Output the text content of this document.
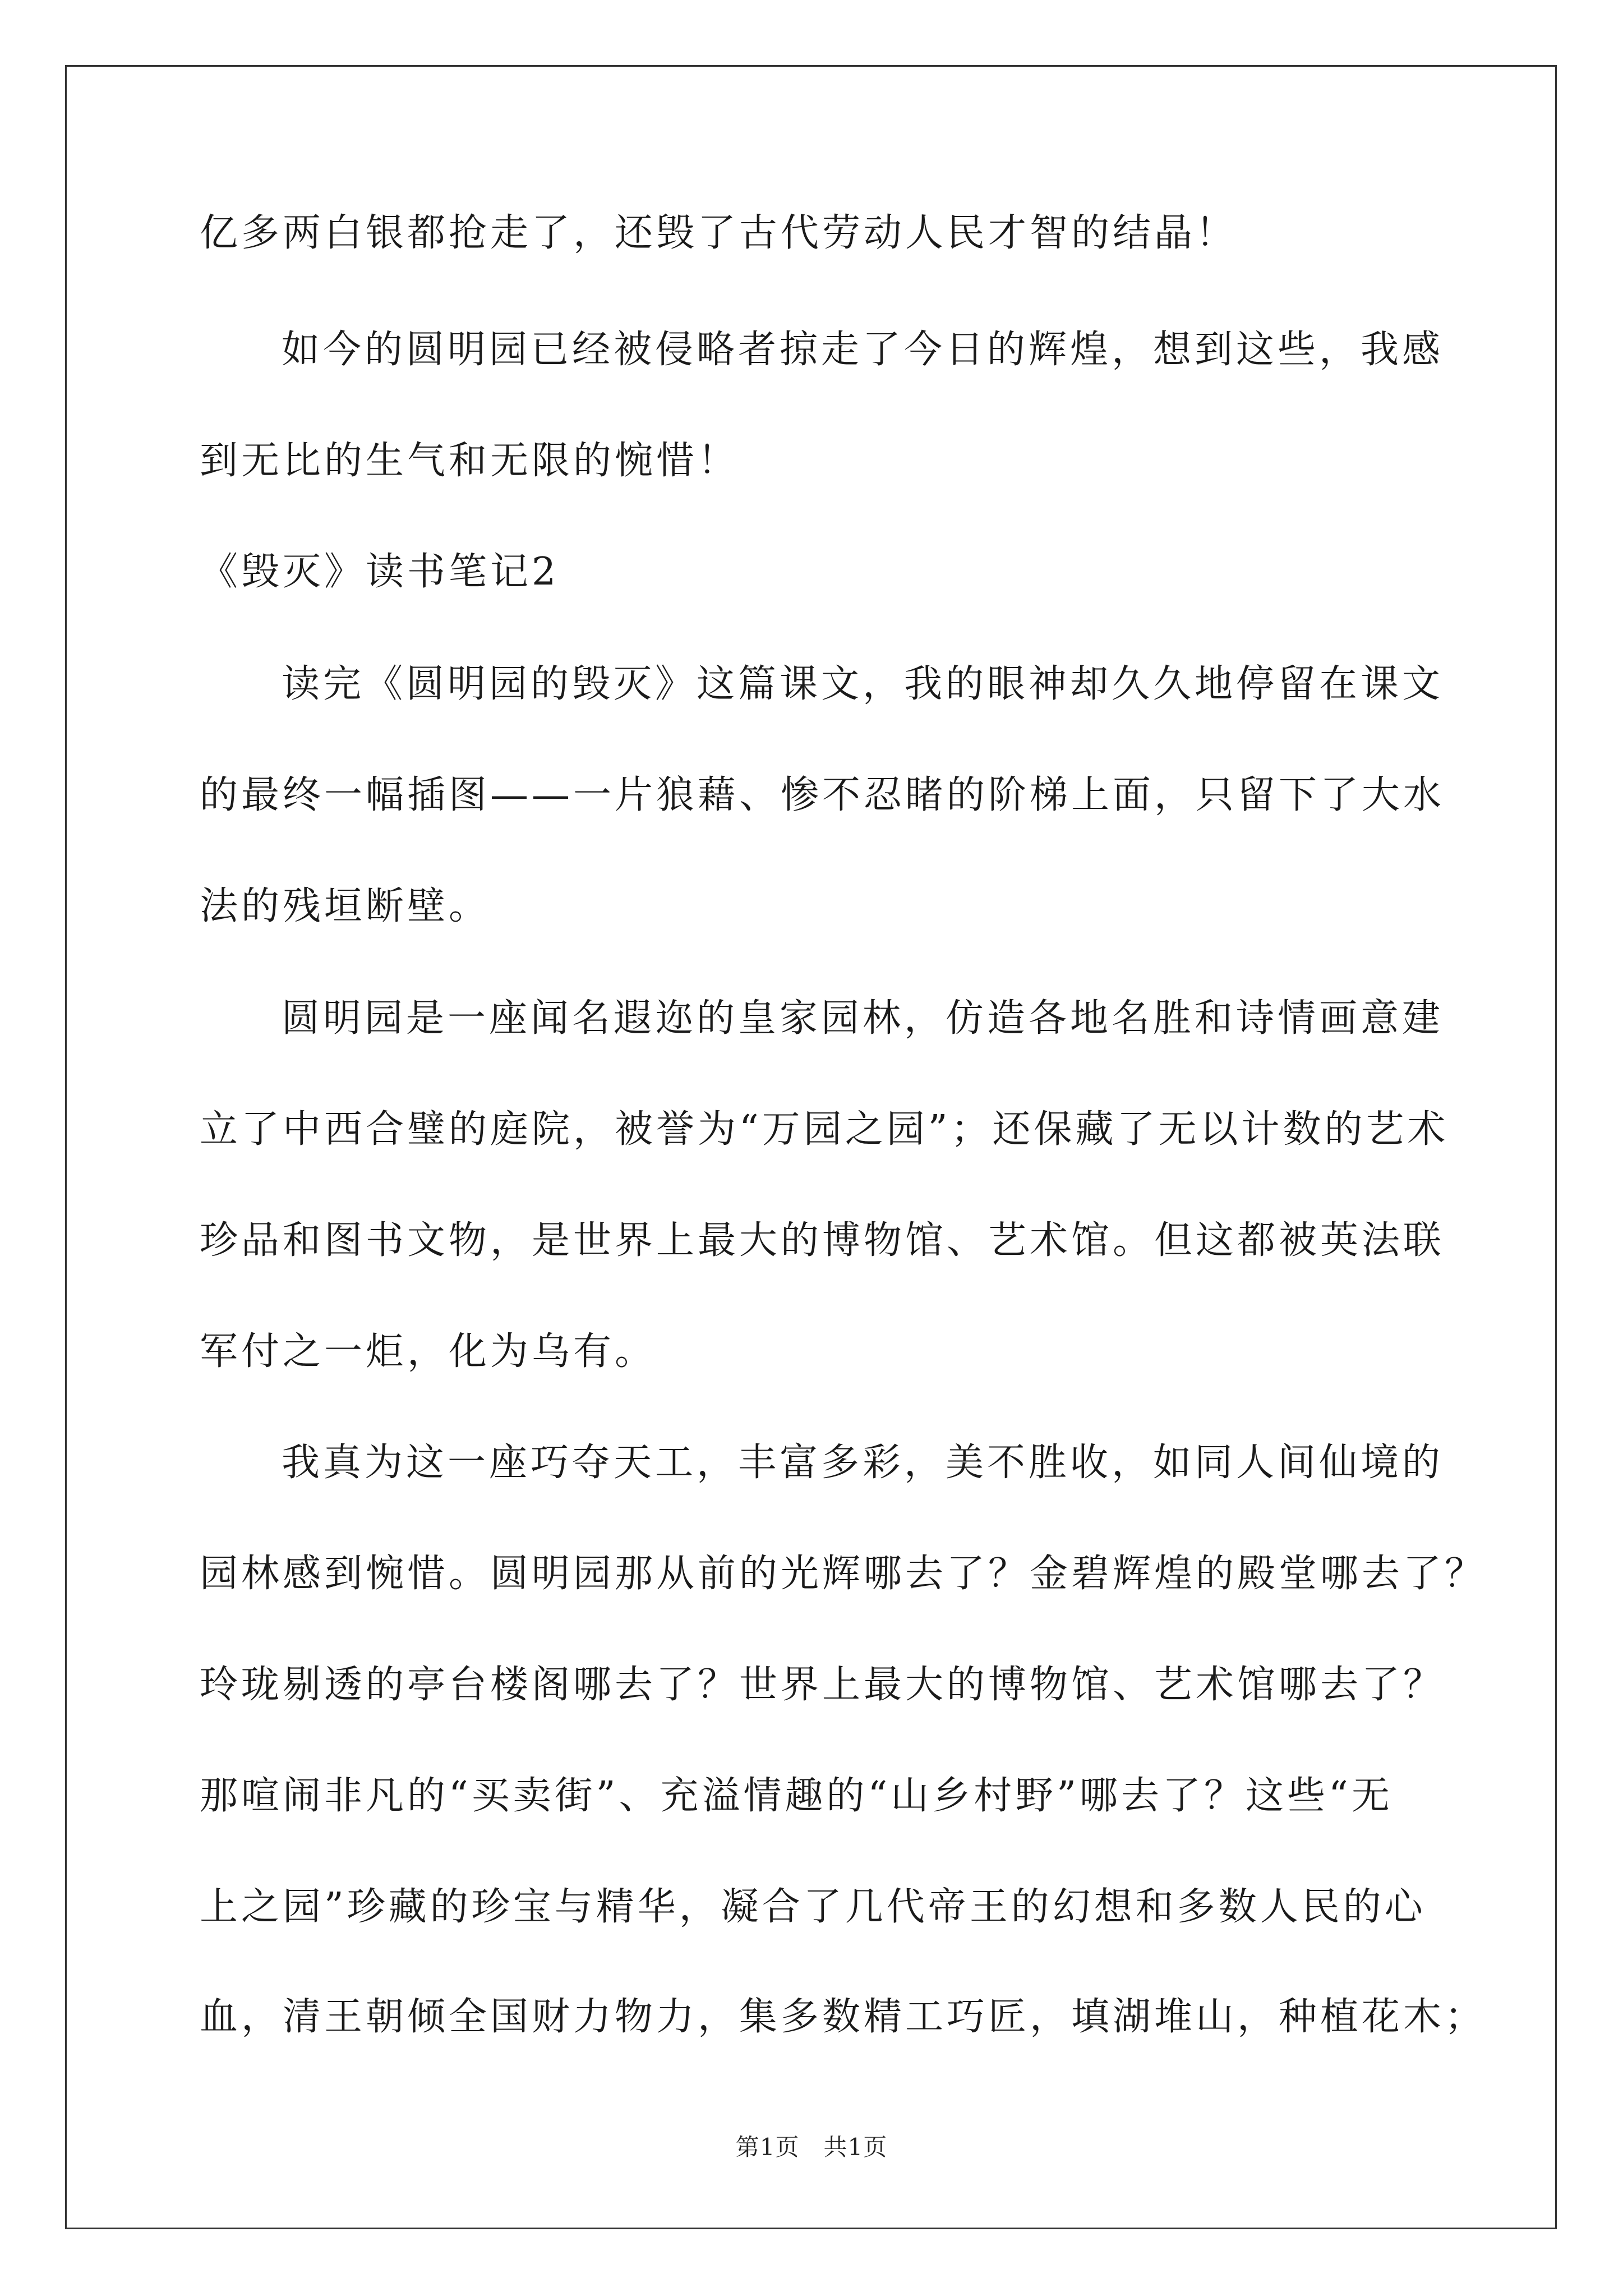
亿多两白银都抢走了，还毁了古代劳动人民才智的结晶！
如今的圆明园已经被侵略者掠走了今日的辉煌，想到这些，我感
到无比的生气和无限的惋惜！
《毁灭》读书笔记2
读完《圆明园的毁灭》这篇课文，我的眼神却久久地停留在课文
的最终一幅插图——一片狼藉、惨不忍睹的阶梯上面，只留下了大水
法的残垣断壁。
圆明园是一座闻名遐迩的皇家园林，仿造各地名胜和诗情画意建
立了中西合璧的庭院，被誉为“万园之园”；还保藏了无以计数的艺术
珍品和图书文物，是世界上最大的博物馆、艺术馆。但这都被英法联
军付之一炬，化为乌有。
我真为这一座巧夺天工，丰富多彩，美不胜收，如同人间仙境的
园林感到惋惜。圆明园那从前的光辉哪去了？金碧辉煌的殿堂哪去了？
玲珑剔透的亭台楼阁哪去了？世界上最大的博物馆、艺术馆哪去了？
那喧闹非凡的“买卖街”、充溢情趣的“山乡村野”哪去了？这些“无
上之园”珍藏的珍宝与精华，凝合了几代帝王的幻想和多数人民的心
血，清王朝倾全国财力物力，集多数精工巧匠，填湖堆山，种植花木；
第1页　共1页
